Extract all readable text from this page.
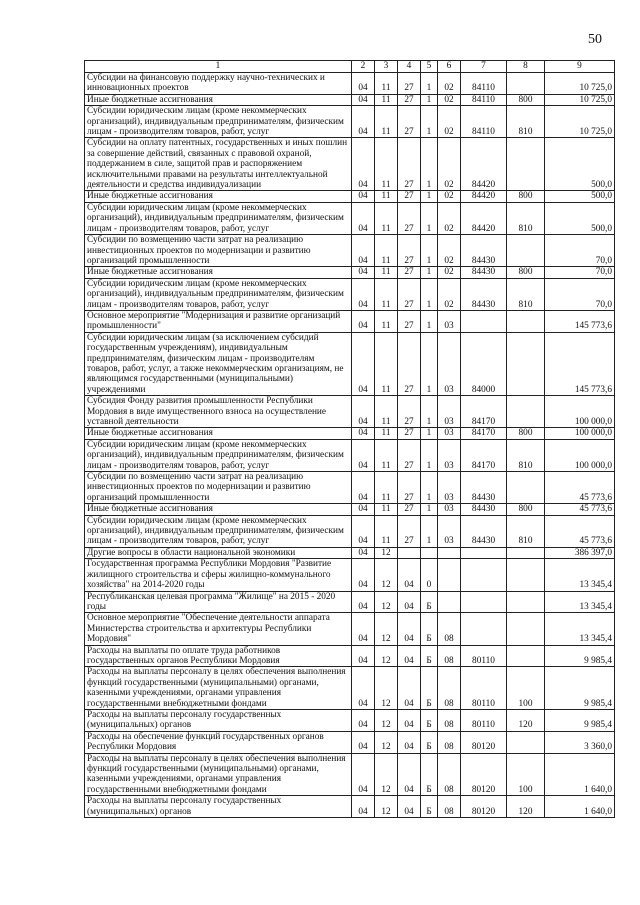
50
1	2	3	4	5	6	7	8	9
Субсидии на финансовую поддержку научно-технических и инновационных проектов	04	11	27	1	02	84110		10 725,0
Иные бюджетные ассигнования	04	11	27	1	02	84110	800	10 725,0
Субсидии юридическим лицам (кроме некоммерческих организаций), индивидуальным предпринимателям, физическим лицам - производителям товаров, работ, услуг	04	11	27	1	02	84110	810	10 725,0
Субсидии на оплату патентных, государственных и иных пошлин за совершение действий, связанных с правовой охраной, поддержанием в силе, защитой прав и распоряжением исключительными правами на результаты интеллектуальной деятельности и средства индивидуализации	04	11	27	1	02	84420		500,0
Иные бюджетные ассигнования	04	11	27	1	02	84420	800	500,0
Субсидии юридическим лицам (кроме некоммерческих организаций), индивидуальным предпринимателям, физическим лицам - производителям товаров, работ, услуг	04	11	27	1	02	84420	810	500,0
Субсидии по возмещению части затрат на реализацию инвестиционных проектов по модернизации и развитию организаций промышленности	04	11	27	1	02	84430		70,0
Иные бюджетные ассигнования	04	11	27	1	02	84430	800	70,0
Субсидии юридическим лицам (кроме некоммерческих организаций), индивидуальным предпринимателям, физическим лицам - производителям товаров, работ, услуг	04	11	27	1	02	84430	810	70,0
Основное мероприятие "Модернизация и развитие организаций промышленности"	04	11	27	1	03			145 773,6
Субсидии юридическим лицам (за исключением субсидий государственным учреждениям), индивидуальным предпринимателям, физическим лицам - производителям товаров, работ, услуг, а также некоммерческим организациям, не являющимся государственными (муниципальными) учреждениями	04	11	27	1	03	84000		145 773,6
Субсидия Фонду развития промышленности Республики Мордовия в виде имущественного взноса на осуществление уставной деятельности	04	11	27	1	03	84170		100 000,0
Иные бюджетные ассигнования	04	11	27	1	03	84170	800	100 000,0
Субсидии юридическим лицам (кроме некоммерческих организаций), индивидуальным предпринимателям, физическим лицам - производителям товаров, работ, услуг	04	11	27	1	03	84170	810	100 000,0
Субсидии по возмещению части затрат на реализацию инвестиционных проектов по модернизации и развитию организаций промышленности	04	11	27	1	03	84430		45 773,6
Иные бюджетные ассигнования	04	11	27	1	03	84430	800	45 773,6
Субсидии юридическим лицам (кроме некоммерческих организаций), индивидуальным предпринимателям, физическим лицам - производителям товаров, работ, услуг	04	11	27	1	03	84430	810	45 773,6
Другие вопросы в области национальной экономики	04	12						386 397,0
Государственная программа Республики Мордовия "Развитие жилищного строительства и сферы жилищно-коммунального хозяйства" на 2014-2020 годы	04	12	04	0				13 345,4
Республиканская целевая программа "Жилище" на 2015 - 2020 годы	04	12	04	Б				13 345,4
Основное мероприятие "Обеспечение деятельности аппарата Министерства строительства и архитектуры Республики Мордовия"	04	12	04	Б	08			13 345,4
Расходы на выплаты по оплате труда работников государственных органов Республики Мордовия	04	12	04	Б	08	80110		9 985,4
Расходы на выплаты персоналу в целях обеспечения выполнения функций государственными (муниципальными) органами, казенными учреждениями, органами управления государственными внебюджетными фондами	04	12	04	Б	08	80110	100	9 985,4
Расходы на выплаты персоналу государственных (муниципальных) органов	04	12	04	Б	08	80110	120	9 985,4
Расходы на обеспечение функций государственных органов Республики Мордовия	04	12	04	Б	08	80120		3 360,0
Расходы на выплаты персоналу в целях обеспечения выполнения функций государственными (муниципальными) органами, казенными учреждениями, органами управления государственными внебюджетными фондами	04	12	04	Б	08	80120	100	1 640,0
Расходы на выплаты персоналу государственных (муниципальных) органов	04	12	04	Б	08	80120	120	1 640,0
